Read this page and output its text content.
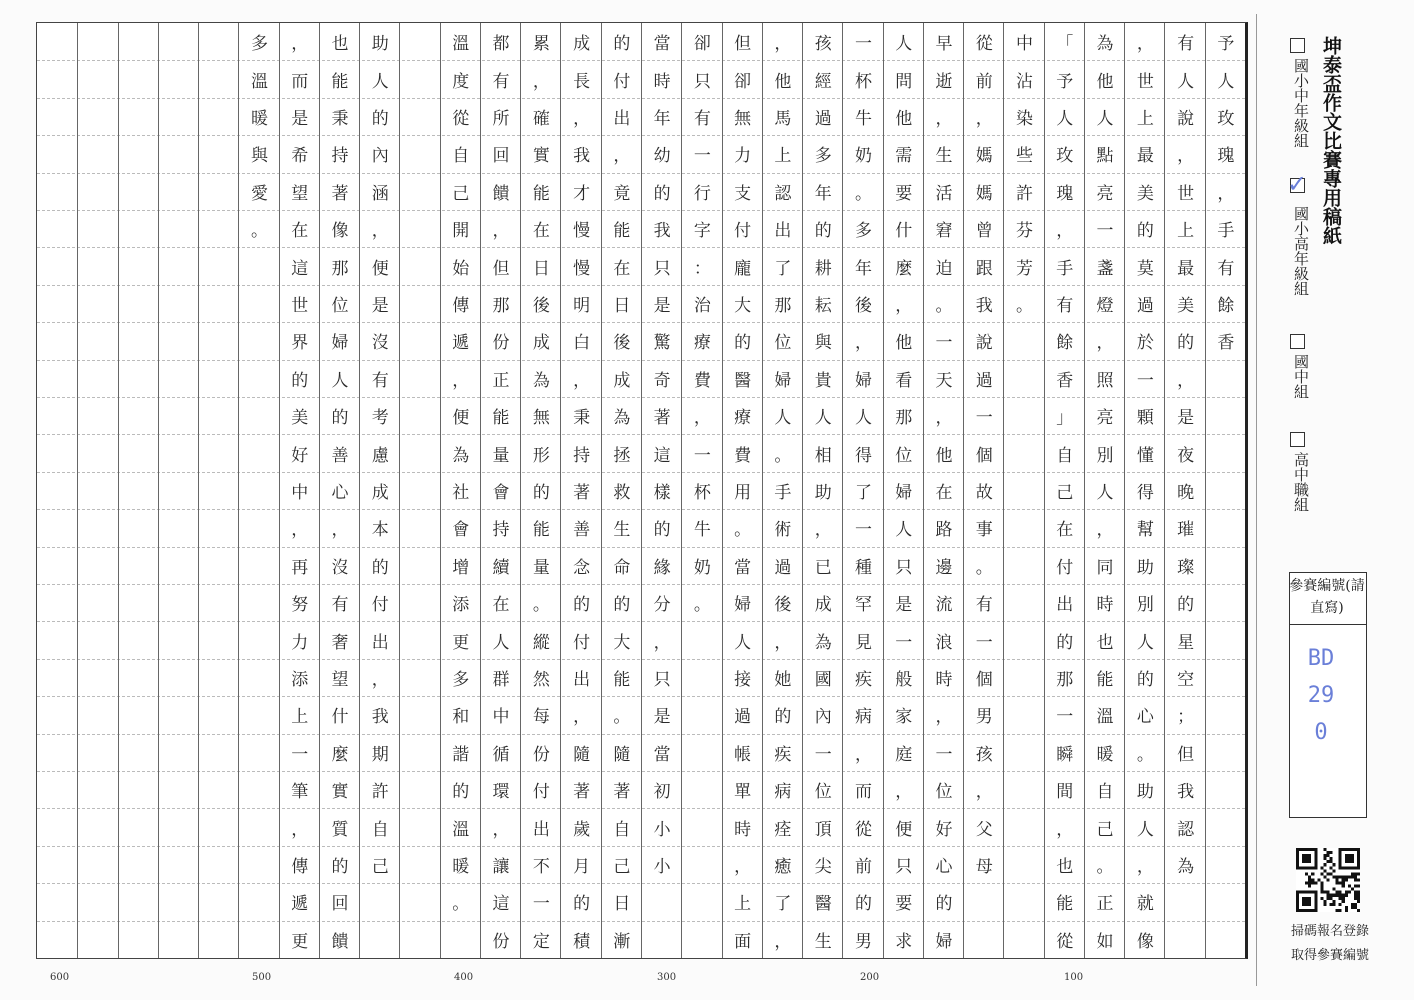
予
人
玫
瑰
，
手
有
餘
香
有
人
說
，
世
上
最
美
的
，
是
夜
晚
璀
璨
的
星
空
；
但
我
認
為
，
世
上
最
美
的
莫
過
於
一
顆
懂
得
幫
助
別
人
的
心
。
助
人
，
就
像
為
他
人
點
亮
一
盞
燈
，
照
亮
別
人
，
同
時
也
能
溫
暖
自
己
。
正
如
「
予
人
玫
瑰
，
手
有
餘
香
」
自
己
在
付
出
的
那
一
瞬
間
，
也
能
從
中
沾
染
些
許
芬
芳
。
從
前
，
媽
媽
曾
跟
我
說
過
一
個
故
事
。
有
一
個
男
孩
，
父
母
早
逝
，
生
活
窘
迫
。
一
天
，
他
在
路
邊
流
浪
時
，
一
位
好
心
的
婦
人
問
他
需
要
什
麼
，
他
看
那
位
婦
人
只
是
一
般
家
庭
，
便
只
要
求
一
杯
牛
奶
。
多
年
後
，
婦
人
得
了
一
種
罕
見
疾
病
，
而
從
前
的
男
孩
經
過
多
年
的
耕
耘
與
貴
人
相
助
，
已
成
為
國
內
一
位
頂
尖
醫
生
，
他
馬
上
認
出
了
那
位
婦
人
。
手
術
過
後
，
她
的
疾
病
痊
癒
了
，
但
卻
無
力
支
付
龐
大
的
醫
療
費
用
。
當
婦
人
接
過
帳
單
時
，
上
面
卻
只
有
一
行
字
：
治
療
費
，
一
杯
牛
奶
。
當
時
年
幼
的
我
只
是
驚
奇
著
這
樣
的
緣
分
，
只
是
當
初
小
小
的
付
出
，
竟
能
在
日
後
成
為
拯
救
生
命
的
大
能
。
隨
著
自
己
日
漸
成
長
，
我
才
慢
慢
明
白
，
秉
持
著
善
念
的
付
出
，
隨
著
歲
月
的
積
累
，
確
實
能
在
日
後
成
為
無
形
的
能
量
。
縱
然
每
份
付
出
不
一
定
都
有
所
回
饋
，
但
那
份
正
能
量
會
持
續
在
人
群
中
循
環
，
讓
這
份
溫
度
從
自
己
開
始
傳
遞
，
便
為
社
會
增
添
更
多
和
諧
的
溫
暖
。
助
人
的
內
涵
，
便
是
沒
有
考
慮
成
本
的
付
出
，
我
期
許
自
己
也
能
秉
持
著
像
那
位
婦
人
的
善
心
，
沒
有
奢
望
什
麼
實
質
的
回
饋
，
而
是
希
望
在
這
世
界
的
美
好
中
，
再
努
力
添
上
一
筆
，
傳
遞
更
多
溫
暖
與
愛
。
600	500	400	300	200	100
坤泰盃作文比賽專用稿紙
國小中年級組
✓
國小高年級組
國中組
高中職組
參賽編號(請直寫)
BD290
掃碼報名登錄
取得參賽編號
